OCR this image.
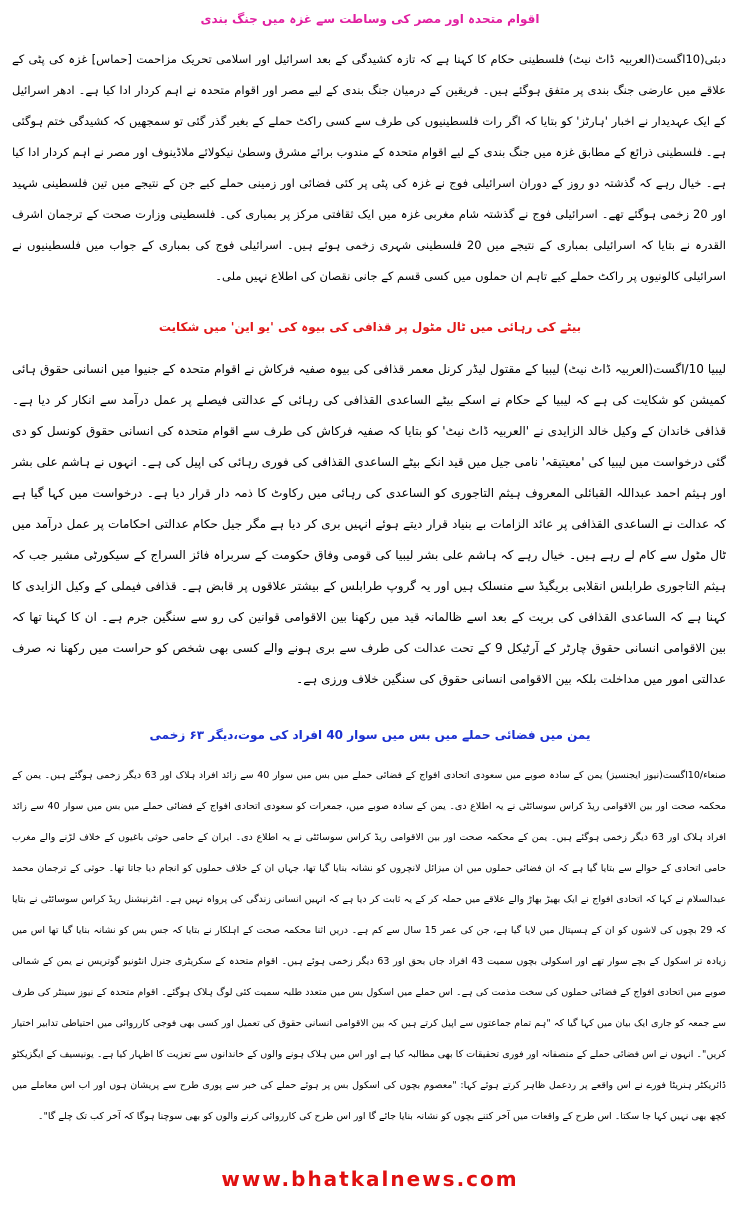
اقوام متحدہ اور مصر کی وساطت سے غزہ میں جنگ بندی

دبئی(10اگست(العربیہ ڈاٹ نیٹ) فلسطینی حکام کا کہنا ہے کہ تازہ کشیدگی کے بعد اسرائیل اور اسلامی تحریک مزاحمت [حماس] غزہ کی پٹی کے علاقے میں عارضی جنگ بندی پر متفق ہوگئے ہیں۔ فریقین کے درمیان جنگ بندی کے لیے مصر اور اقوام متحدہ نے اہم کردار ادا کیا ہے۔ ادھر اسرائیل کے ایک عہدیدار نے اخبار 'ہارٹز' کو بتایا کہ اگر رات فلسطینیوں کی طرف سے کسی راکٹ حملے کے بغیر گذر گئی تو سمجھیں کہ کشیدگی ختم ہوگئی ہے۔ فلسطینی ذرائع کے مطابق غزہ میں جنگ بندی کے لیے اقوام متحدہ کے مندوب برائے مشرق وسطیٰ نیکولائے ملاڈینوف اور مصر نے اہم کردار ادا کیا ہے۔ خیال رہے کہ گذشتہ دو روز کے دوران اسرائیلی فوج نے غزہ کی پٹی پر کئی فضائی اور زمینی حملے کیے جن کے نتیجے میں تین فلسطینی شہید اور 20 زخمی ہوگئے تھے۔ اسرائیلی فوج نے گذشتہ شام مغربی غزہ میں ایک ثقافتی مرکز پر بمباری کی۔ فلسطینی وزارت صحت کے ترجمان اشرف القدرہ نے بتایا کہ اسرائیلی بمباری کے نتیجے میں 20 فلسطینی شہری زخمی ہوئے ہیں۔ اسرائیلی فوج کی بمباری کے جواب میں فلسطینیوں نے اسرائیلی کالونیوں پر راکٹ حملے کیے تاہم ان حملوں میں کسی قسم کے جانی نقصان کی اطلاع نہیں ملی۔

بیٹے کی رہائی میں ٹال مٹول پر قذافی کی بیوہ کی 'یو این' میں شکایت

لیبیا 10/اگست(العربیہ ڈاٹ نیٹ) لیبیا کے مقتول لیڈر کرنل معمر قذافی کی بیوہ صفیہ فرکاش نے اقوام متحدہ کے جنیوا میں انسانی حقوق ہائی کمیشن کو شکایت کی ہے کہ لیبیا کے حکام نے اسکے بیٹے الساعدی القذافی کی رہائی کے عدالتی فیصلے پر عمل درآمد سے انکار کر دیا ہے۔ قذافی خاندان کے وکیل خالد الزایدی نے 'العربیہ ڈاٹ نیٹ' کو بتایا کہ صفیہ فرکاش کی طرف سے اقوام متحدہ کی انسانی حقوق کونسل کو دی گئی درخواست میں لیبیا کی 'معیتیقہ' نامی جیل میں قید انکے بیٹے الساعدی القذافی کی فوری رہائی کی اپیل کی ہے۔ انہوں نے ہاشم علی بشر اور ہیثم احمد عبداللہ القبائلی المعروف ہیثم التاجوری کو الساعدی کی رہائی میں رکاوٹ کا ذمہ دار قرار دیا ہے۔ درخواست میں کہا گیا ہے کہ عدالت نے الساعدی القذافی پر عائد الزامات بے بنیاد قرار دیتے ہوئے انہیں بری کر دیا ہے مگر جیل حکام عدالتی احکامات پر عمل درآمد میں ٹال مٹول سے کام لے رہے ہیں۔ خیال رہے کہ ہاشم علی بشر لیبیا کی قومی وفاق حکومت کے سربراہ فائز السراج کے سیکورٹی مشیر جب کہ ہیثم التاجوری طرابلس انقلابی بریگیڈ سے منسلک ہیں اور یہ گروپ طرابلس کے بیشتر علاقوں پر قابض ہے۔ قذافی فیملی کے وکیل الزایدی کا کہنا ہے کہ الساعدی القذافی کی بریت کے بعد اسے ظالمانہ قید میں رکھنا بین الاقوامی قوانین کی رو سے سنگین جرم ہے۔ ان کا کہنا تھا کہ بین الاقوامی انسانی حقوق چارٹر کے آرٹیکل 9 کے تحت عدالت کی طرف سے بری ہونے والے کسی بھی شخص کو حراست میں رکھنا نہ صرف عدالتی امور میں مداخلت بلکہ بین الاقوامی انسانی حقوق کی سنگین خلاف ورزی ہے۔

یمن میں فضائی حملے میں بس میں سوار 40 افراد کی موت،دیگر ۶۳ زخمی

صنعاء/10اگست(نیوز ایجنسیز) یمن کے سادہ صوبے میں سعودی اتحادی افواج کے فضائی حملے میں بس میں سوار 40 سے زائد افراد ہلاک اور 63 دیگر زخمی ہوگئے ہیں۔ یمن کے محکمہ صحت اور بین الاقوامی ریڈ کراس سوسائٹی نے یہ اطلاع دی۔ یمن کے سادہ صوبے میں، جمعرات کو سعودی اتحادی افواج کے فضائی حملے میں بس میں سوار 40 سے زائد افراد ہلاک اور 63 دیگر زخمی ہوگئے ہیں۔ یمن کے محکمہ صحت اور بین الاقوامی ریڈ کراس سوسائٹی نے یہ اطلاع دی۔ ایران کے حامی حوثی باغیوں کے خلاف لڑنے والے مغرب حامی اتحادی کے حوالے سے بتایا گیا ہے کہ ان فضائی حملوں میں ان میزائل لانچروں کو نشانہ بنایا گیا تھا، جہاں ان کے خلاف حملوں کو انجام دیا جاتا تھا۔ حوثی کے ترجمان محمد عبدالسلام نے کہا کہ اتحادی افواج نے ایک بھیڑ بھاڑ والے علاقے میں حملہ کر کے یہ ثابت کر دیا ہے کہ انہیں انسانی زندگی کی پرواہ نہیں ہے۔ انٹرنیشنل ریڈ کراس سوسائٹی نے بتایا کہ 29 بچوں کی لاشوں کو ان کے ہسپتال میں لایا گیا ہے، جن کی عمر 15 سال سے کم ہے۔ دریں اثنا محکمہ صحت کے اہلکار نے بتایا کہ جس بس کو نشانہ بنایا گیا تھا اس میں زیادہ تر اسکول کے بچے سوار تھے اور اسکولی بچوں سمیت 43 افراد جاں بحق اور 63 دیگر زخمی ہوئے ہیں۔ اقوام متحدہ کے سکریٹری جنرل انٹونیو گوتریس نے یمن کے شمالی صوبے میں اتحادی افواج کے فضائی حملوں کی سخت مذمت کی ہے۔ اس حملے میں اسکول بس میں متعدد طلبہ سمیت کئی لوگ ہلاک ہوگئے۔ اقوام متحدہ کے نیوز سینٹر کی طرف سے جمعہ کو جاری ایک بیان میں کہا گیا کہ "ہم تمام جماعتوں سے اپیل کرتے ہیں کہ بین الاقوامی انسانی حقوق کی تعمیل اور کسی بھی فوجی کارروائی میں احتیاطی تدابیر اختیار کریں"۔ انہوں نے اس فضائی حملے کے منصفانہ اور فوری تحقیقات کا بھی مطالبہ کیا ہے اور اس میں ہلاک ہونے والوں کے خاندانوں سے تعزیت کا اظہار کیا ہے۔ یونیسیف کے ایگزیکٹو ڈائریکٹر ہنریٹا فورے نے اس واقعے پر ردعمل ظاہر کرتے ہوئے کہا: "معصوم بچوں کی اسکول بس پر ہوئے حملے کی خبر سے پوری طرح سے پریشان ہوں اور اب اس معاملے میں کچھ بھی نہیں کہا جا سکتا۔ اس طرح کے واقعات میں آخر کتنے بچوں کو نشانہ بنایا جائے گا اور اس طرح کی کارروائی کرنے والوں کو بھی سوچنا ہوگا کہ آخر کب تک چلے گا"۔

www.bhatkalnews.com
